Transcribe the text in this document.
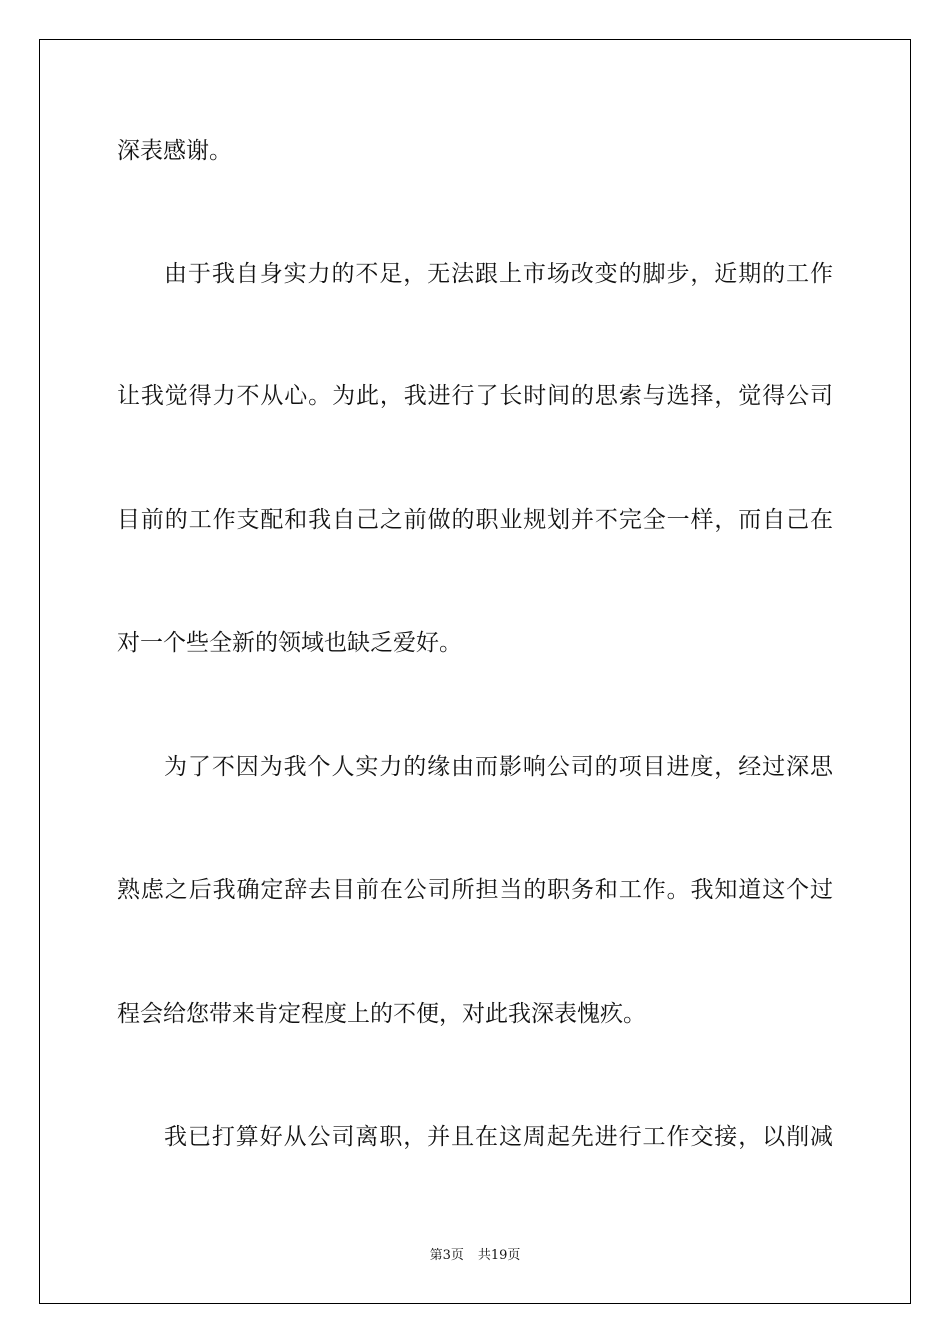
深表感谢。
由于我自身实力的不足，无法跟上市场改变的脚步，近期的工作
让我觉得力不从心。为此，我进行了长时间的思索与选择，觉得公司
目前的工作支配和我自己之前做的职业规划并不完全一样，而自己在
对一个些全新的领域也缺乏爱好。
为了不因为我个人实力的缘由而影响公司的项目进度，经过深思
熟虑之后我确定辞去目前在公司所担当的职务和工作。我知道这个过
程会给您带来肯定程度上的不便，对此我深表愧疚。
我已打算好从公司离职，并且在这周起先进行工作交接，以削减
第3页 共19页
